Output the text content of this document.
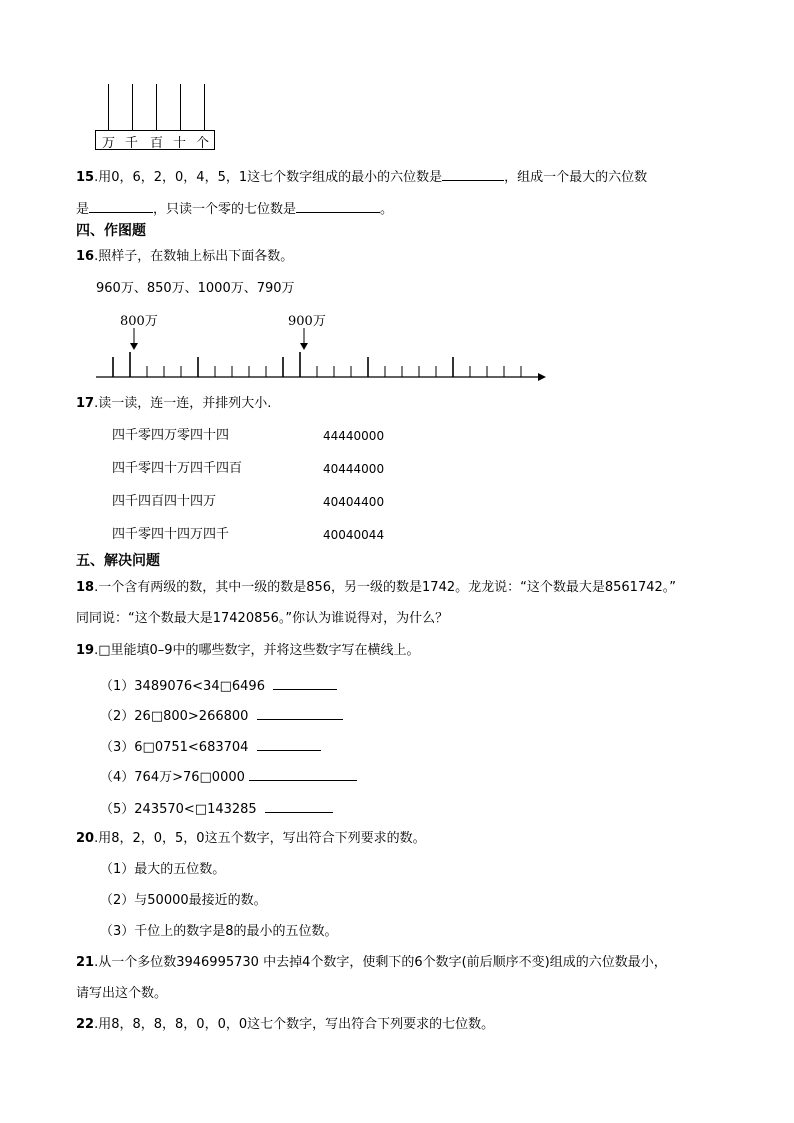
万 千 百 十 个
15.用0，6，2，0，4，5，1这七个数字组成的最小的六位数是	，组成一个最大的六位数
是	，只读一个零的七位数是	。
四、作图题
16.照样子，在数轴上标出下面各数。
960万、850万、1000万、790万
800万	900万
17.读一读，连一连，并排列大小.
四千零四万零四十四	44440000
四千零四十万四千四百	40444000
四千四百四十四万	40404400
四千零四十四万四千	40040044
五、解决问题
18.一个含有两级的数，其中一级的数是856，另一级的数是1742。龙龙说：“这个数最大是8561742。”
同同说：“这个数最大是17420856。”你认为谁说得对，为什么？
19.□里能填0–9中的哪些数字，并将这些数字写在横线上。
（1）3489076<34□6496
（2）26□800>266800
（3）6□0751<683704
（4）764万>76□0000
（5）243570<□143285
20.用8，2，0，5，0这五个数字，写出符合下列要求的数。
（1）最大的五位数。
（2）与50000最接近的数。
（3）千位上的数字是8的最小的五位数。
21.从一个多位数3946995730 中去掉4个数字，使剩下的6个数字(前后顺序不变)组成的六位数最小，
请写出这个数。
22.用8，8，8，8，0，0，0这七个数字，写出符合下列要求的七位数。
